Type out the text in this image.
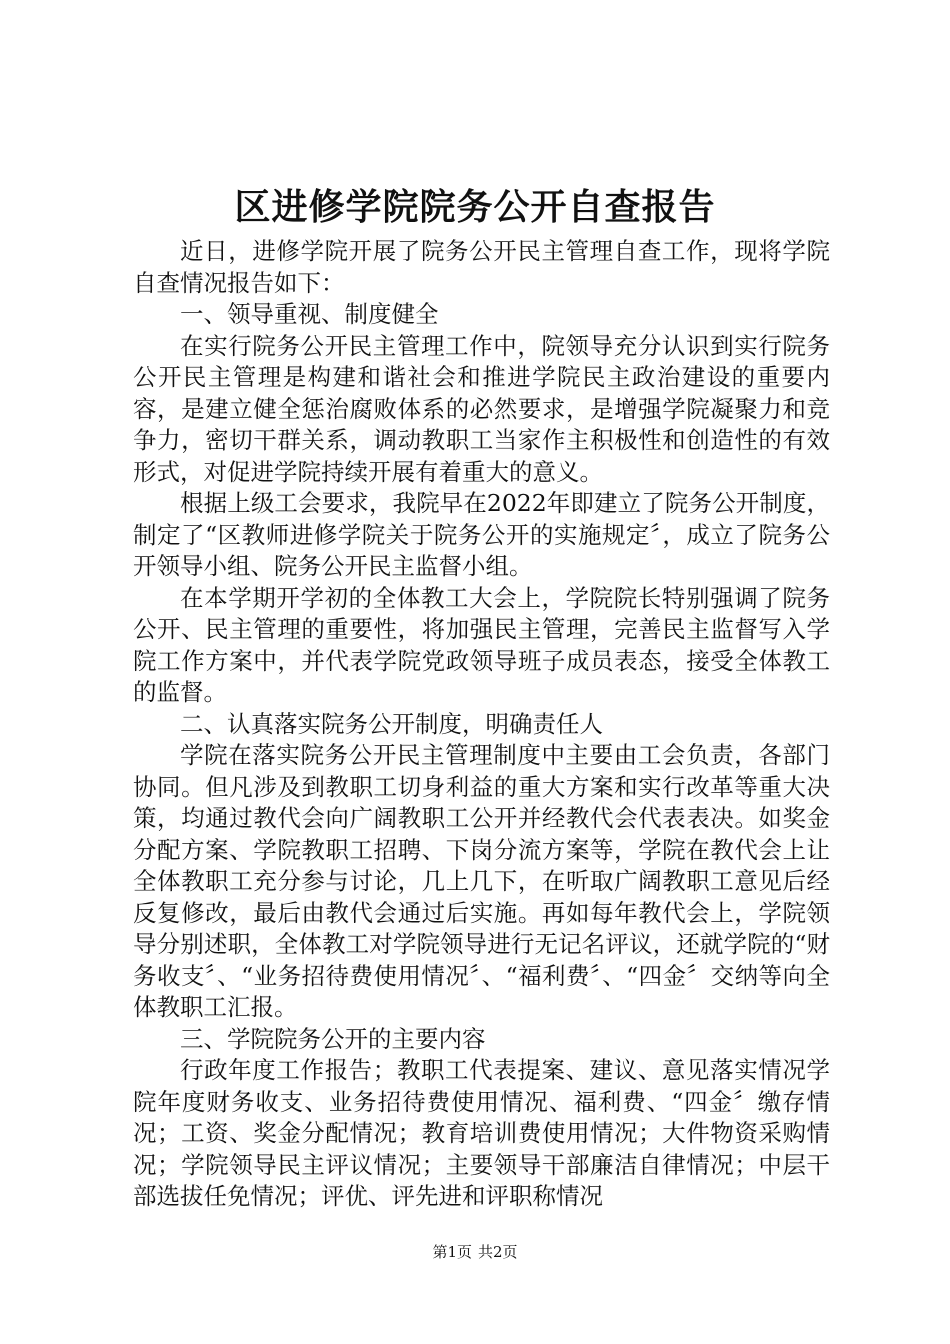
区进修学院院务公开自查报告

近日，进修学院开展了院务公开民主管理自查工作，现将学院自查情况报告如下：

一、领导重视、制度健全

在实行院务公开民主管理工作中，院领导充分认识到实行院务公开民主管理是构建和谐社会和推进学院民主政治建设的重要内容，是建立健全惩治腐败体系的必然要求，是增强学院凝聚力和竞争力，密切干群关系，调动教职工当家作主积极性和创造性的有效形式，对促进学院持续开展有着重大的意义。

根据上级工会要求，我院早在2022年即建立了院务公开制度，制定了“区教师进修学院关于院务公开的实施规定〞，成立了院务公开领导小组、院务公开民主监督小组。

在本学期开学初的全体教工大会上，学院院长特别强调了院务公开、民主管理的重要性，将加强民主管理，完善民主监督写入学院工作方案中，并代表学院党政领导班子成员表态，接受全体教工的监督。

二、认真落实院务公开制度，明确责任人

学院在落实院务公开民主管理制度中主要由工会负责，各部门协同。但凡涉及到教职工切身利益的重大方案和实行改革等重大决策，均通过教代会向广阔教职工公开并经教代会代表表决。如奖金分配方案、学院教职工招聘、下岗分流方案等，学院在教代会上让全体教职工充分参与讨论，几上几下，在听取广阔教职工意见后经反复修改，最后由教代会通过后实施。再如每年教代会上，学院领导分别述职，全体教工对学院领导进行无记名评议，还就学院的“财务收支〞、“业务招待费使用情况〞、“福利费〞、“四金〞交纳等向全体教职工汇报。

三、学院院务公开的主要内容

行政年度工作报告；教职工代表提案、建议、意见落实情况学院年度财务收支、业务招待费使用情况、福利费、“四金〞缴存情况；工资、奖金分配情况；教育培训费使用情况；大件物资采购情况；学院领导民主评议情况；主要领导干部廉洁自律情况；中层干部选拔任免情况；评优、评先进和评职称情况

第1页 共2页
